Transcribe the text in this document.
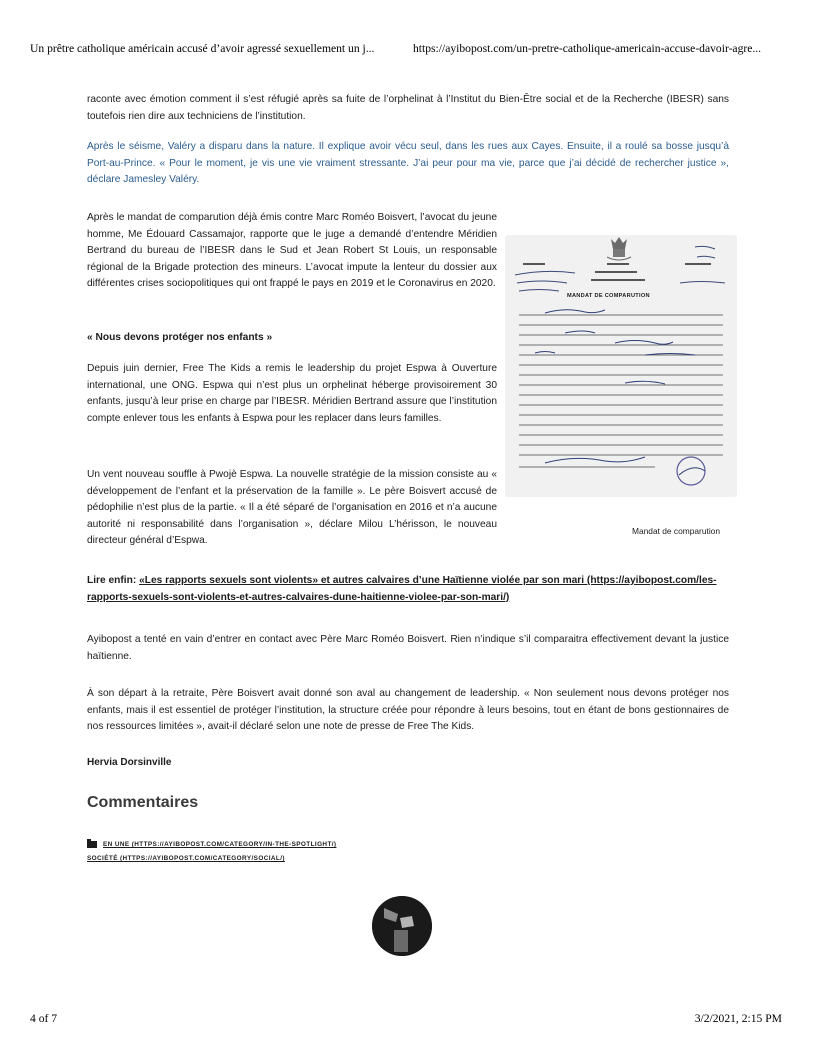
Un prêtre catholique américain accusé d’avoir agressé sexuellement un j...	https://ayibopost.com/un-pretre-catholique-americain-accuse-davoir-agre...

raconte avec émotion comment il s’est réfugié après sa fuite de l’orphelinat à l’Institut du Bien-Être social et de la Recherche (IBESR) sans toutefois rien dire aux techniciens de l’institution.

Après le séisme, Valéry a disparu dans la nature. Il explique avoir vécu seul, dans les rues aux Cayes. Ensuite, il a roulé sa bosse jusqu’à Port-au-Prince. « Pour le moment, je vis une vie vraiment stressante. J’ai peur pour ma vie, parce que j’ai décidé de rechercher justice », déclare Jamesley Valéry.

Après le mandat de comparution déjà émis contre Marc Roméo Boisvert, l’avocat du jeune homme, Me Édouard Cassamajor, rapporte que le juge a demandé d’entendre Méridien Bertrand du bureau de l’IBESR dans le Sud et Jean Robert St Louis, un responsable régional de la Brigade protection des mineurs. L’avocat impute la lenteur du dossier aux différentes crises sociopolitiques qui ont frappé le pays en 2019 et le Coronavirus en 2020.

« Nous devons protéger nos enfants »

Depuis juin dernier, Free The Kids a remis le leadership du projet Espwa à Ouverture international, une ONG. Espwa qui n’est plus un orphelinat héberge provisoirement 30 enfants, jusqu’à leur prise en charge par l’IBESR. Méridien Bertrand assure que l’institution compte enlever tous les enfants à Espwa pour les replacer dans leurs familles.

Un vent nouveau souffle à Pwojè Espwa. La nouvelle stratégie de la mission consiste au « développement de l’enfant et la préservation de la famille ». Le père Boisvert accusé de pédophilie n’est plus de la partie. « Il a été séparé de l’organisation en 2016 et n’a aucune autorité ni responsabilité dans l’organisation », déclare Milou L’hérisson, le nouveau directeur général d’Espwa.

MANDAT DE COMPARUTION
Mandat de comparution
Lire enfin: «Les rapports sexuels sont violents» et autres calvaires d’une Haïtienne violée par son mari (https://ayibopost.com/les-rapports-sexuels-sont-violents-et-autres-calvaires-dune-haitienne-violee-par-son-mari/)

Ayibopost a tenté en vain d’entrer en contact avec Père Marc Roméo Boisvert. Rien n’indique s’il comparaitra effectivement devant la justice haïtienne.

À son départ à la retraite, Père Boisvert avait donné son aval au changement de leadership. « Non seulement nous devons protéger nos enfants, mais il est essentiel de protéger l’institution, la structure créée pour répondre à leurs besoins, tout en étant de bons gestionnaires de nos ressources limitées », avait-il déclaré selon une note de presse de Free The Kids.

Hervia Dorsinville
Commentaires
EN UNE (HTTPS://AYIBOPOST.COM/CATEGORY/IN-THE-SPOTLIGHT/)
SOCIÉTÉ (HTTPS://AYIBOPOST.COM/CATEGORY/SOCIAL/)
4 of 7	3/2/2021, 2:15 PM
